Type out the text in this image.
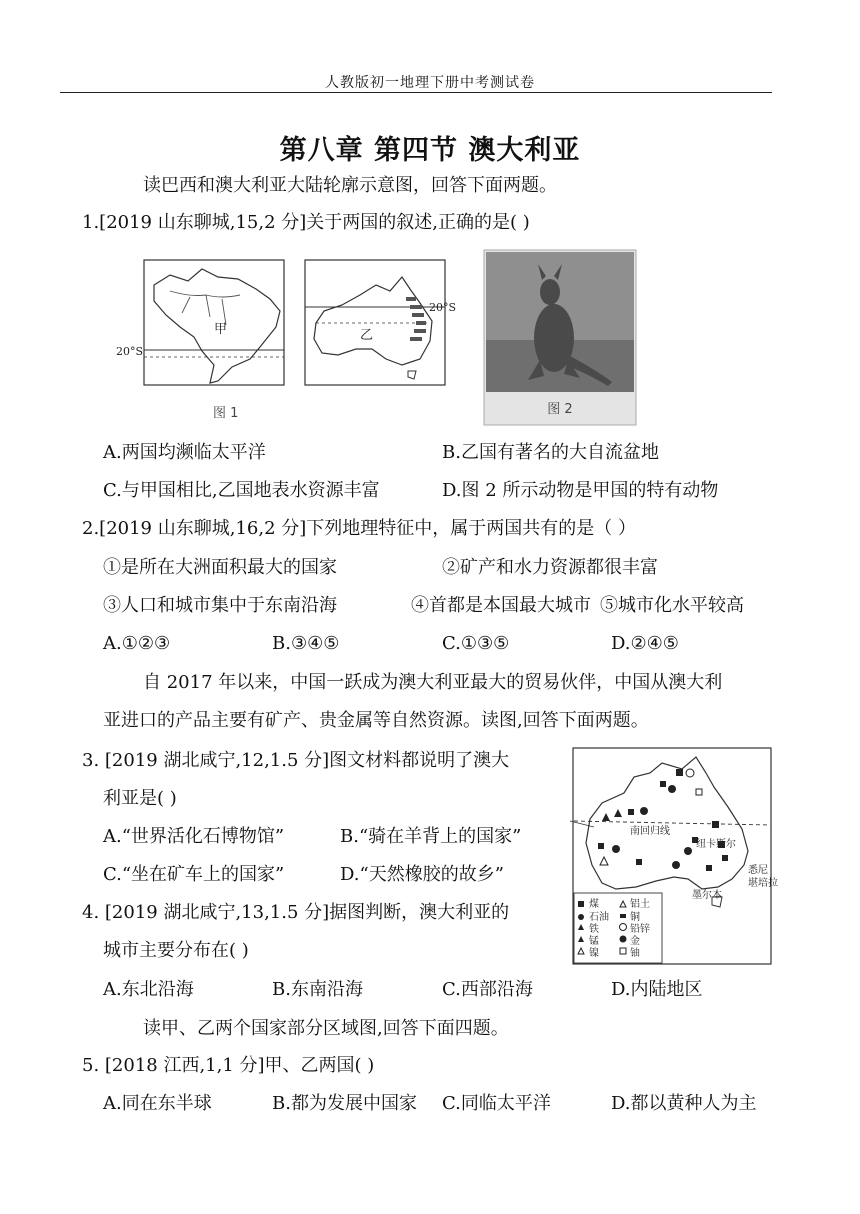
人教版初一地理下册中考测试卷
第八章 第四节 澳大利亚
读巴西和澳大利亚大陆轮廓示意图，回答下面两题。
1.[2019 山东聊城,15,2 分]关于两国的叙述,正确的是( )
甲
20°S
图 1
乙
20°S
图 2
A.两国均濒临太平洋	B.乙国有著名的大自流盆地
C.与甲国相比,乙国地表水资源丰富	D.图 2 所示动物是甲国的特有动物
2.[2019 山东聊城,16,2 分]下列地理特征中，属于两国共有的是（ ）
①是所在大洲面积最大的国家	②矿产和水力资源都很丰富
③人口和城市集中于东南沿海	④首都是本国最大城市 ⑤城市化水平较高
A.①②③	B.③④⑤	C.①③⑤	D.②④⑤
自 2017 年以来，中国一跃成为澳大利亚最大的贸易伙伴，中国从澳大利
亚进口的产品主要有矿产、贵金属等自然资源。读图,回答下面两题。
3. [2019 湖北咸宁,12,1.5 分]图文材料都说明了澳大
利亚是( )
A.“世界活化石博物馆”	B.“骑在羊背上的国家”
C.“坐在矿车上的国家”	D.“天然橡胶的故乡”
南回归线
纽卡斯尔
悉尼
墨尔本
堪培拉
煤	铝土
石油 铜
铁	铅锌
锰	金
镍	铀
4. [2019 湖北咸宁,13,1.5 分]据图判断，澳大利亚的
城市主要分布在( )
A.东北沿海	B.东南沿海	C.西部沿海	D.内陆地区
读甲、乙两个国家部分区域图,回答下面四题。
5. [2018 江西,1,1 分]甲、乙两国( )
A.同在东半球	B.都为发展中国家 C.同临太平洋	D.都以黄种人为主
